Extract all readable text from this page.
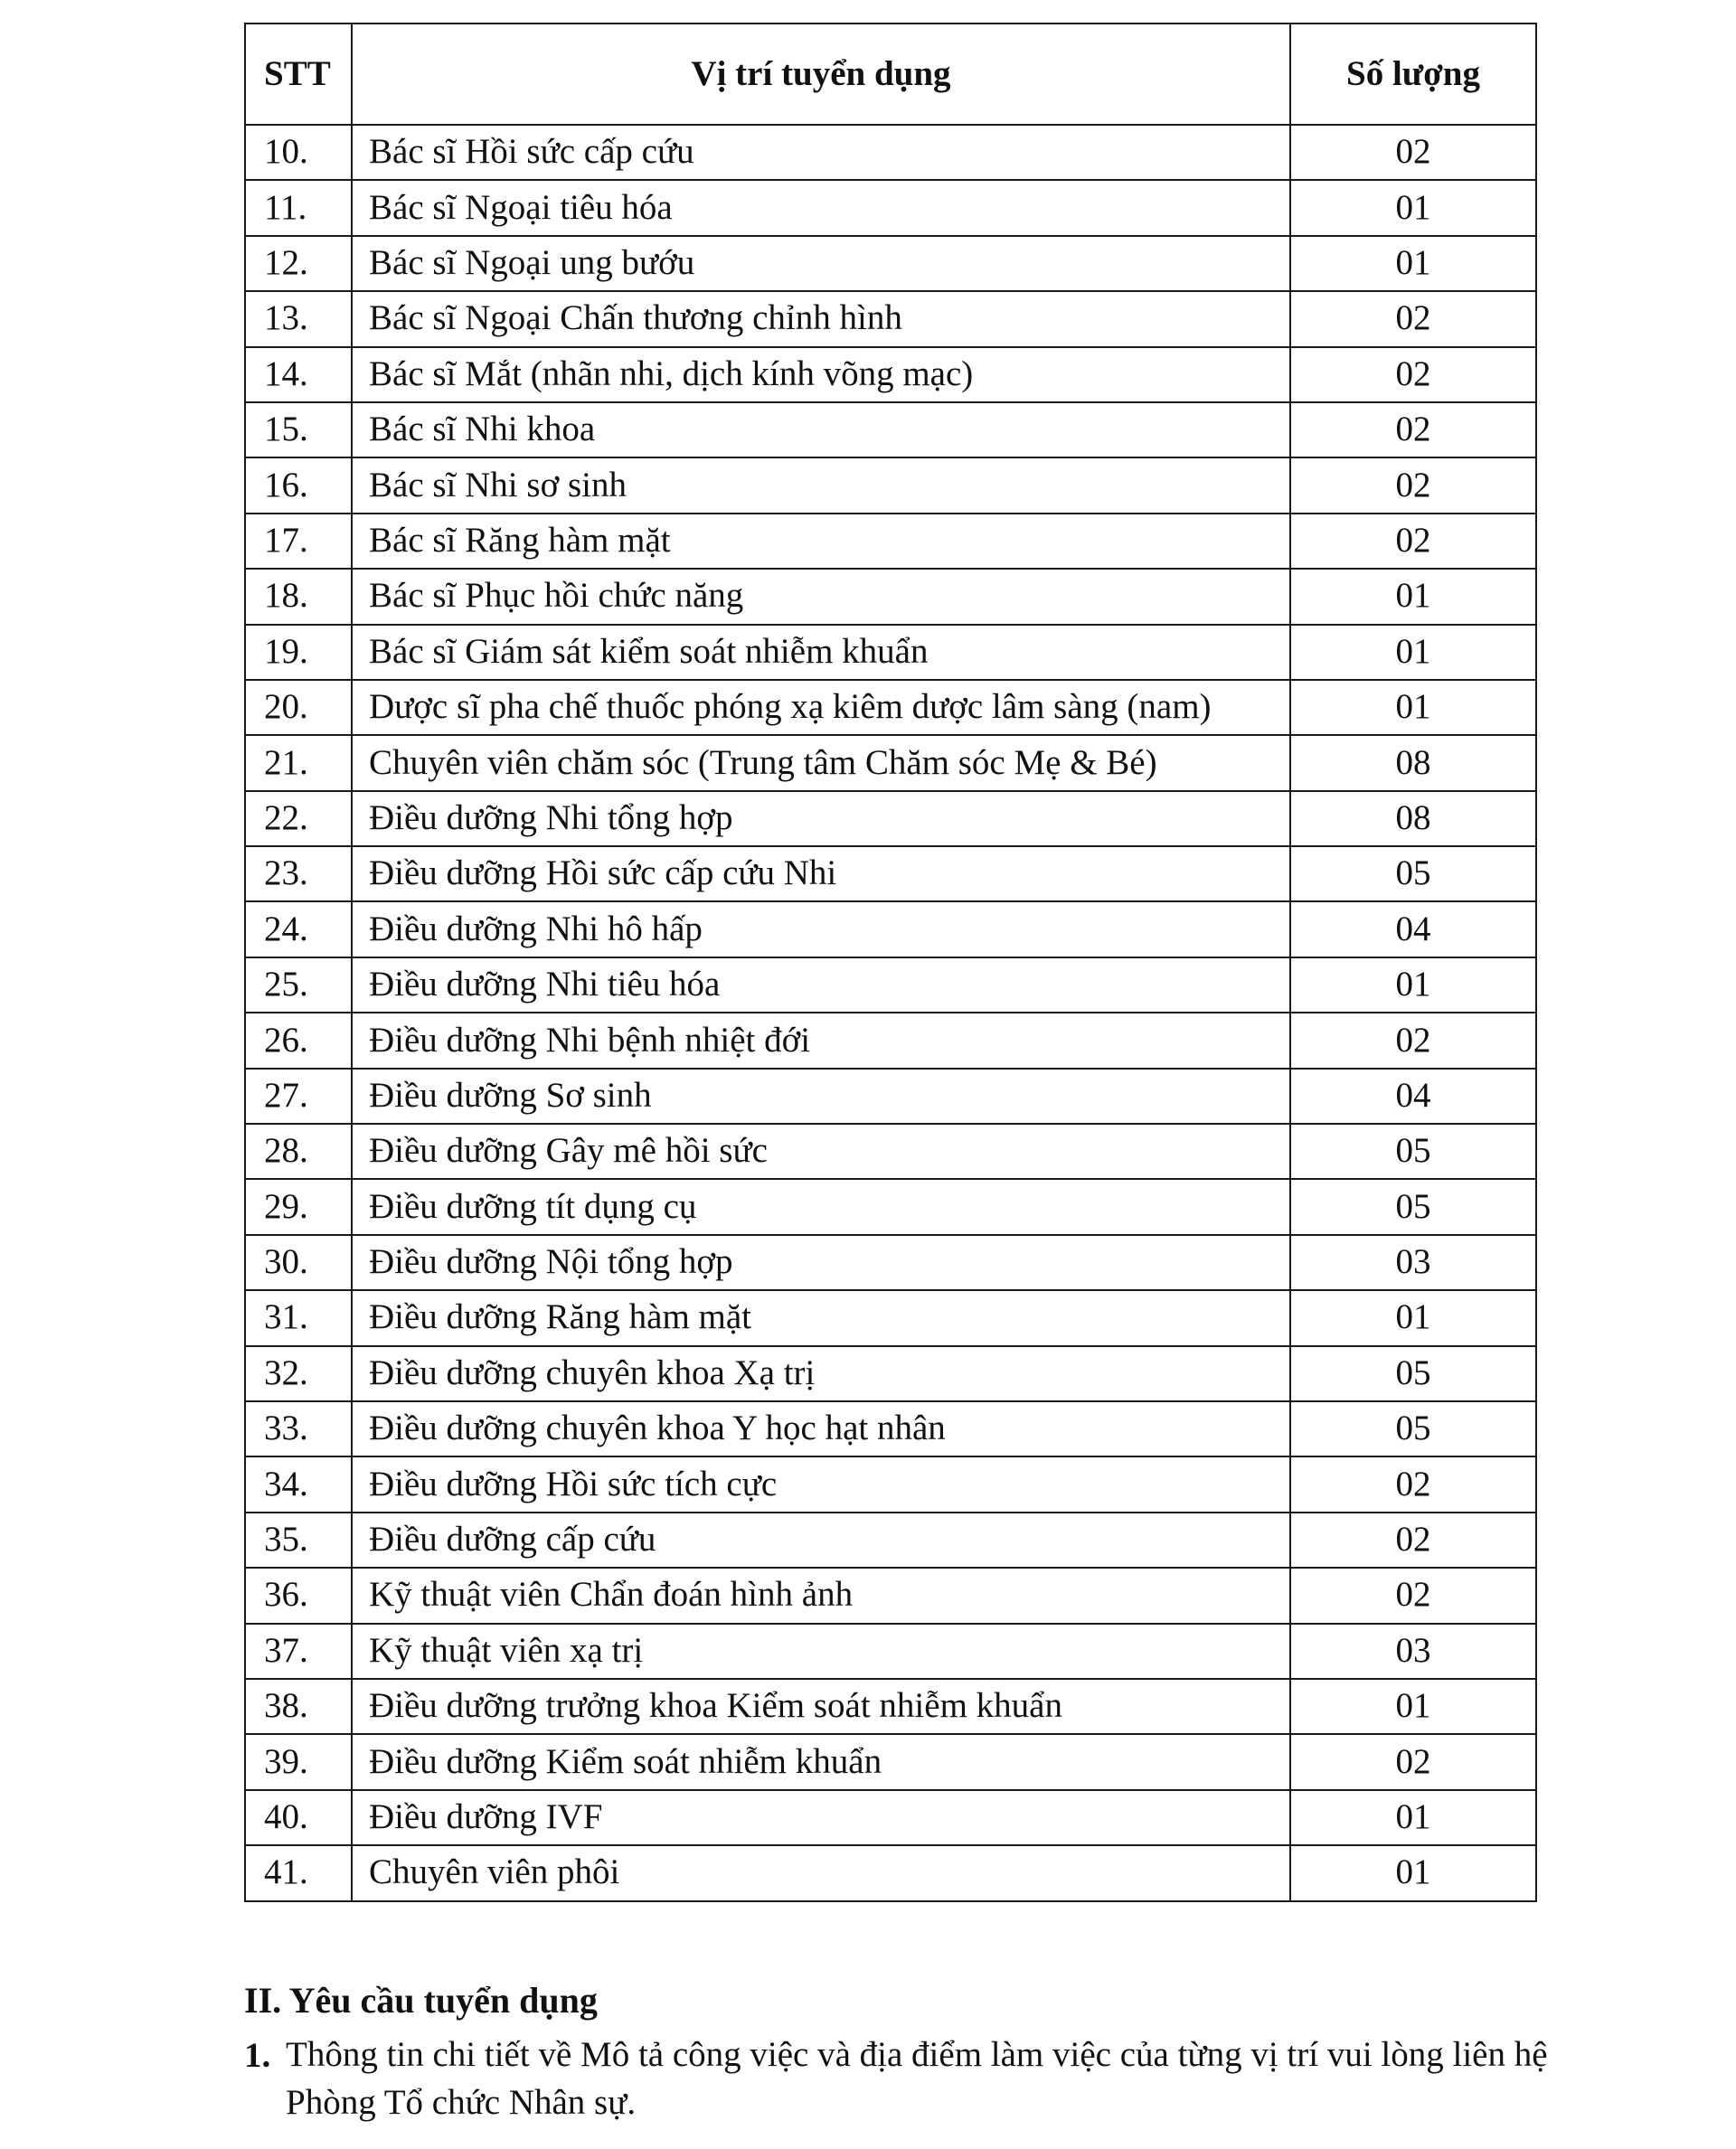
STT	Vị trí tuyển dụng	Số lượng
10.	Bác sĩ Hồi sức cấp cứu	02
11.	Bác sĩ Ngoại tiêu hóa	01
12.	Bác sĩ Ngoại ung bướu	01
13.	Bác sĩ Ngoại Chấn thương chỉnh hình	02
14.	Bác sĩ Mắt (nhãn nhi, dịch kính võng mạc)	02
15.	Bác sĩ Nhi khoa	02
16.	Bác sĩ Nhi sơ sinh	02
17.	Bác sĩ Răng hàm mặt	02
18.	Bác sĩ Phục hồi chức năng	01
19.	Bác sĩ Giám sát kiểm soát nhiễm khuẩn	01
20.	Dược sĩ pha chế thuốc phóng xạ kiêm dược lâm sàng (nam)	01
21.	Chuyên viên chăm sóc (Trung tâm Chăm sóc Mẹ & Bé)	08
22.	Điều dưỡng Nhi tổng hợp	08
23.	Điều dưỡng Hồi sức cấp cứu Nhi	05
24.	Điều dưỡng Nhi hô hấp	04
25.	Điều dưỡng Nhi tiêu hóa	01
26.	Điều dưỡng Nhi bệnh nhiệt đới	02
27.	Điều dưỡng Sơ sinh	04
28.	Điều dưỡng Gây mê hồi sức	05
29.	Điều dưỡng tít dụng cụ	05
30.	Điều dưỡng Nội tổng hợp	03
31.	Điều dưỡng Răng hàm mặt	01
32.	Điều dưỡng chuyên khoa Xạ trị	05
33.	Điều dưỡng chuyên khoa Y học hạt nhân	05
34.	Điều dưỡng Hồi sức tích cực	02
35.	Điều dưỡng cấp cứu	02
36.	Kỹ thuật viên Chẩn đoán hình ảnh	02
37.	Kỹ thuật viên xạ trị	03
38.	Điều dưỡng trưởng khoa Kiểm soát nhiễm khuẩn	01
39.	Điều dưỡng Kiểm soát nhiễm khuẩn	02
40.	Điều dưỡng IVF	01
41.	Chuyên viên phôi	01
II. Yêu cầu tuyển dụng
1. Thông tin chi tiết về Mô tả công việc và địa điểm làm việc của từng vị trí vui lòng liên hệ Phòng Tổ chức Nhân sự.
